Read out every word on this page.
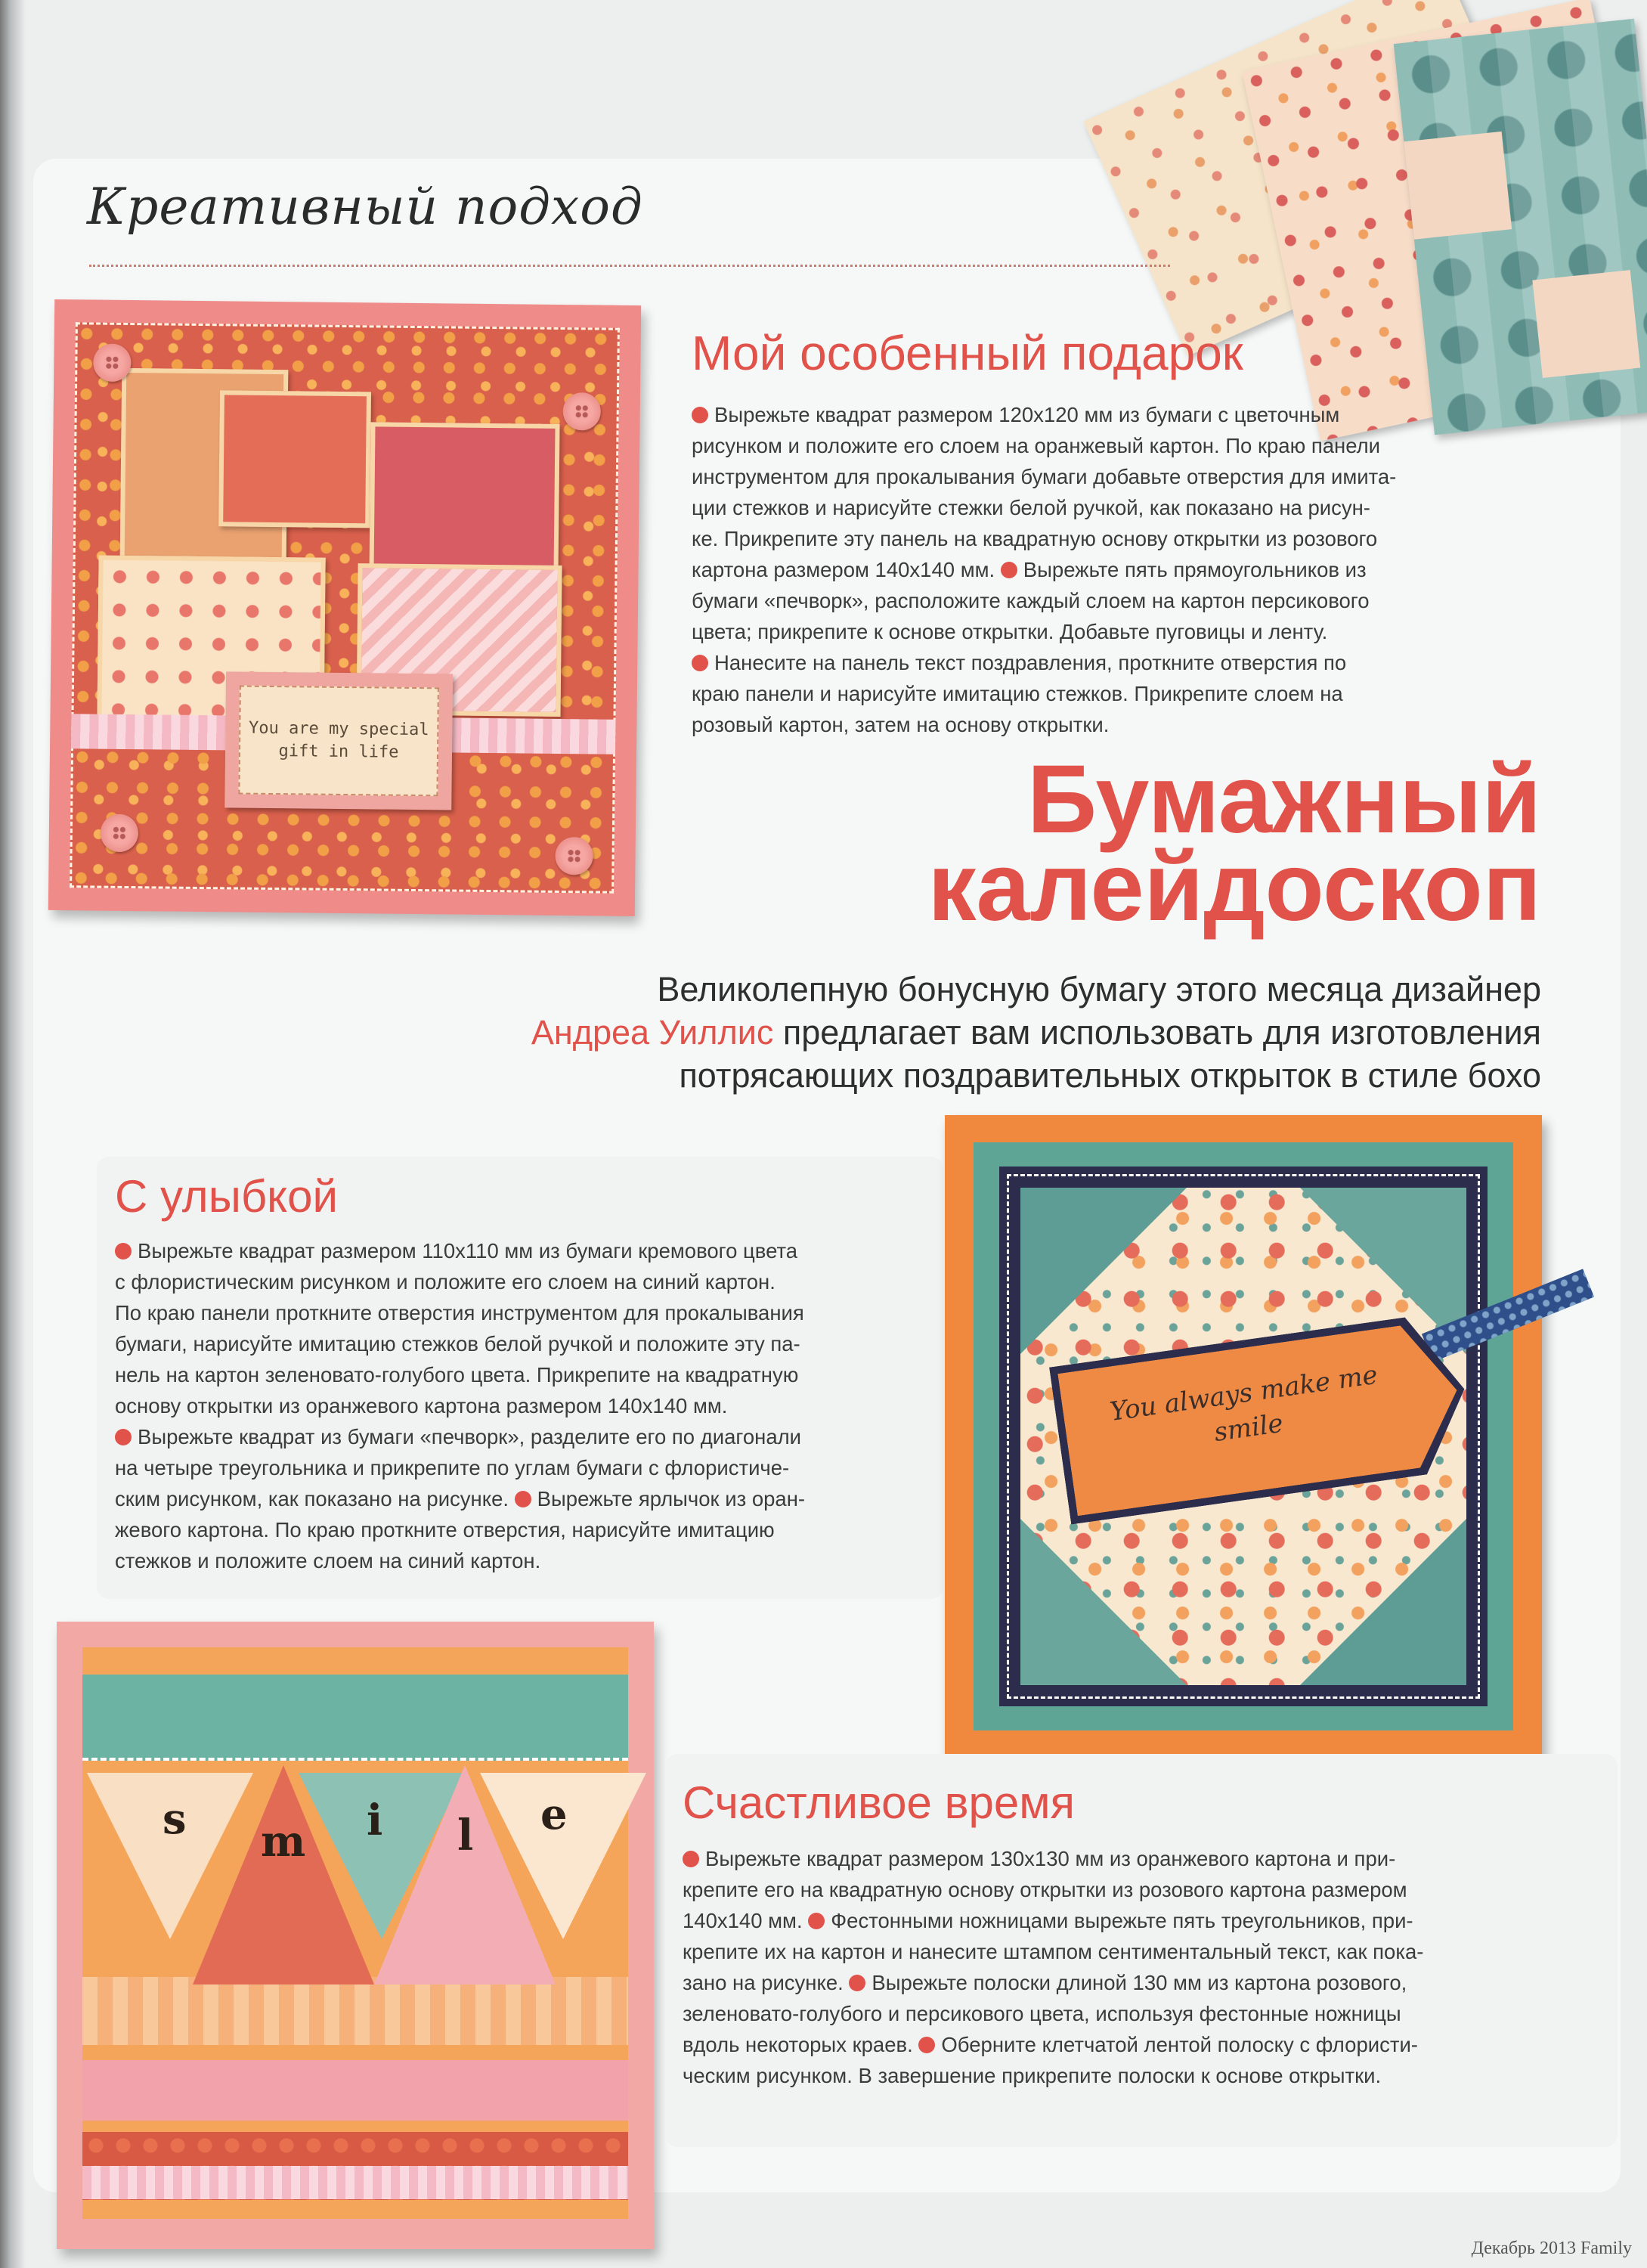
Креативный подход
You are my special gift in life
Мой особенный подарок

Вырежьте квадрат размером 120х120 мм из бумаги с цветочным
рисунком и положите его слоем на оранжевый картон. По краю панели
инструментом для прокалывания бумаги добавьте отверстия для имита-
ции стежков и нарисуйте стежки белой ручкой, как показано на рисун-
ке. Прикрепите эту панель на квадратную основу открытки из розового
картона размером 140х140 мм. Вырежьте пять прямоугольников из
бумаги «печворк», расположите каждый слоем на картон персикового
цвета; прикрепите к основе открытки. Добавьте пуговицы и ленту.
Нанесите на панель текст поздравления, проткните отверстия по
краю панели и нарисуйте имитацию стежков. Прикрепите слоем на
розовый картон, затем на основу открытки.

Бумажный
калейдоскоп

Великолепную бонусную бумагу этого месяца дизайнер
Андреа Уиллис предлагает вам использовать для изготовления
потрясающих поздравительных открыток в стиле бохо

С улыбкой

Вырежьте квадрат размером 110х110 мм из бумаги кремового цвета
с флористическим рисунком и положите его слоем на синий картон.
По краю панели проткните отверстия инструментом для прокалывания
бумаги, нарисуйте имитацию стежков белой ручкой и положите эту па-
нель на картон зеленовато-голубого цвета. Прикрепите на квадратную
основу открытки из оранжевого картона размером 140х140 мм.
Вырежьте квадрат из бумаги «печворк», разделите его по диагонали
на четыре треугольника и прикрепите по углам бумаги с флористиче-
ским рисунком, как показано на рисунке. Вырежьте ярлычок из оран-
жевого картона. По краю проткните отверстия, нарисуйте имитацию
стежков и положите слоем на синий картон.

You always make me smile
s m i l e	Счастливое время

Вырежьте квадрат размером 130х130 мм из оранжевого картона и при-
крепите его на квадратную основу открытки из розового картона размером
140х140 мм. Фестонными ножницами вырежьте пять треугольников, при-
крепите их на картон и нанесите штампом сентиментальный текст, как пока-
зано на рисунке. Вырежьте полоски длиной 130 мм из картона розового,
зеленовато-голубого и персикового цвета, используя фестонные ножницы
вдоль некоторых краев. Оберните клетчатой лентой полоску с флористи-
ческим рисунком. В завершение прикрепите полоски к основе открытки.

Декабрь 2013 Family
